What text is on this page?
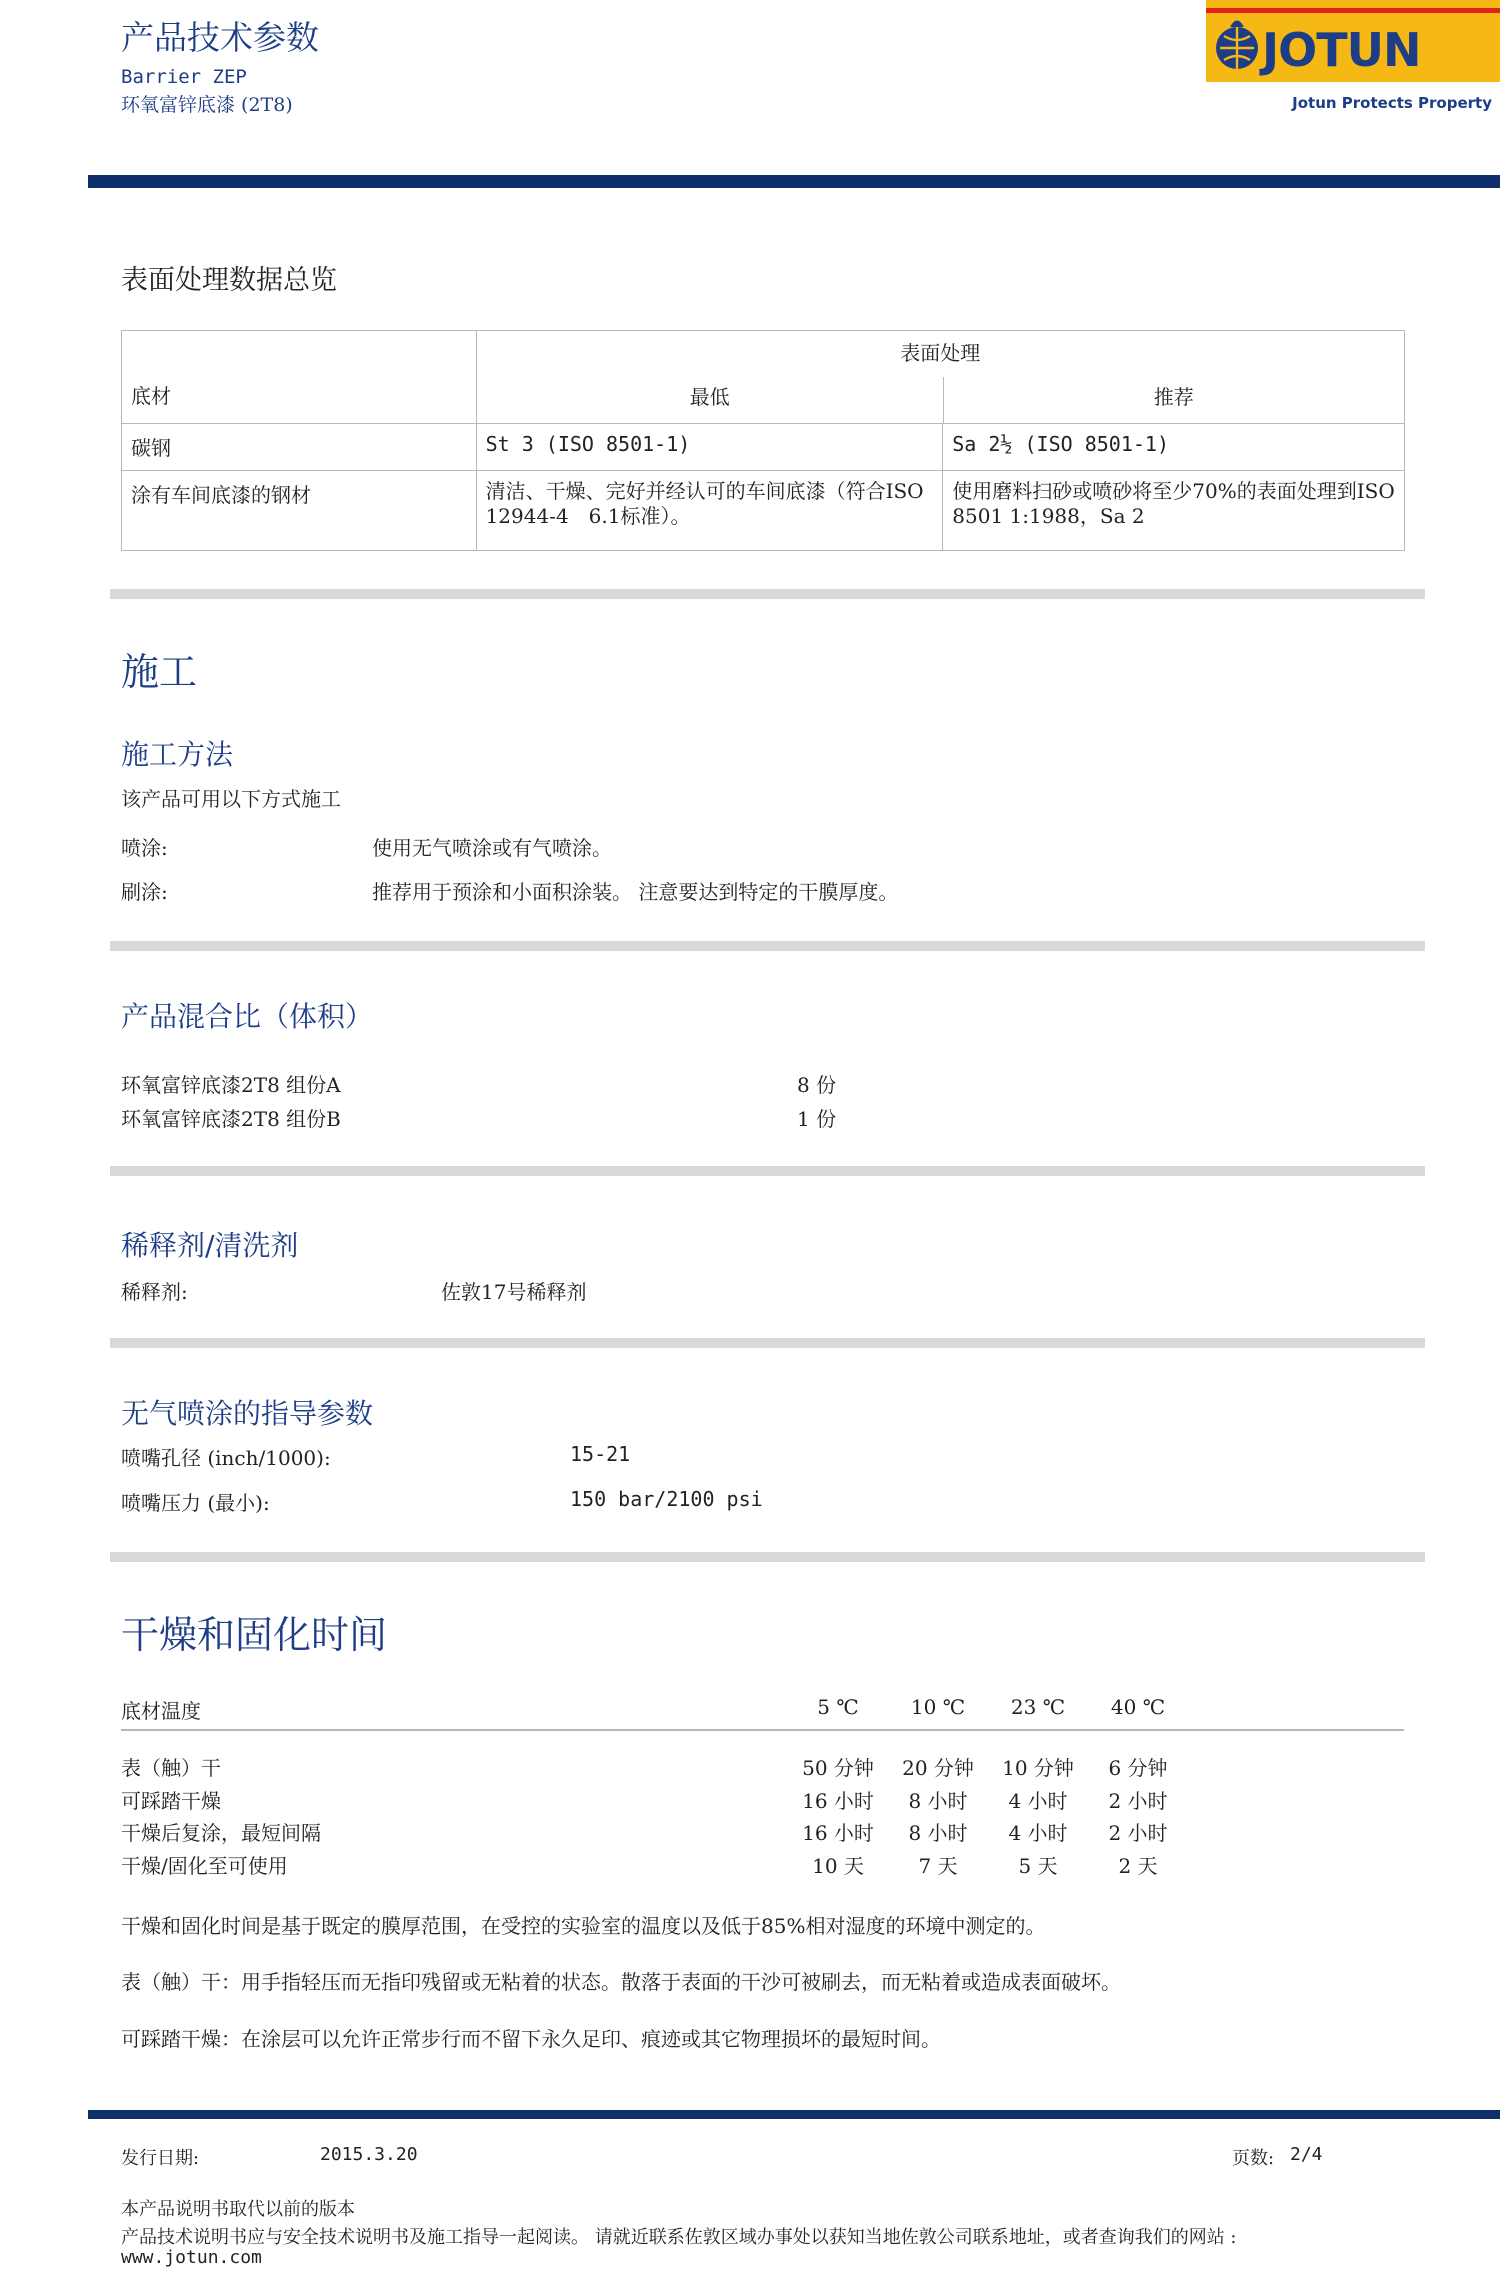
产品技术参数
Barrier ZEP
环氧富锌底漆 (2T8)
JOTUN
Jotun Protects Property
表面处理数据总览
底材	表面处理
最低 推荐	

碳钢	St 3 (ISO 8501-1)	Sa 2½ (ISO 8501-1)
涂有车间底漆的钢材	清洁、干燥、完好并经认可的车间底漆（符合ISO 12944-4　6.1标准）。	使用磨料扫砂或喷砂将至少70%的表面处理到ISO 8501 1:1988，Sa 2
施工
施工方法
该产品可用以下方式施工
喷涂:	使用无气喷涂或有气喷涂。
刷涂:	推荐用于预涂和小面积涂装。 注意要达到特定的干膜厚度。
产品混合比（体积）
环氧富锌底漆2T8 组份A	8 份
环氧富锌底漆2T8 组份B	1 份
稀释剂/清洗剂
稀释剂:	佐敦17号稀释剂
无气喷涂的指导参数
喷嘴孔径 (inch/1000):	15-21
喷嘴压力 (最小):	150 bar/2100 psi
干燥和固化时间
底材温度	5 ℃	10 ℃	23 ℃	40 ℃
表（触）干	50 分钟	20 分钟	10 分钟	6 分钟
可踩踏干燥	16 小时	8 小时	4 小时	2 小时
干燥后复涂，最短间隔	16 小时	8 小时	4 小时	2 小时
干燥/固化至可使用	10 天	7 天	5 天	2 天
干燥和固化时间是基于既定的膜厚范围，在受控的实验室的温度以及低于85%相对湿度的环境中测定的。
表（触）干：用手指轻压而无指印残留或无粘着的状态。散落于表面的干沙可被刷去，而无粘着或造成表面破坏。
可踩踏干燥：在涂层可以允许正常步行而不留下永久足印、痕迹或其它物理损坏的最短时间。
发行日期:	2015.3.20	页数: 2/4
本产品说明书取代以前的版本
产品技术说明书应与安全技术说明书及施工指导一起阅读。 请就近联系佐敦区域办事处以获知当地佐敦公司联系地址，或者查询我们的网站 :
www.jotun.com
